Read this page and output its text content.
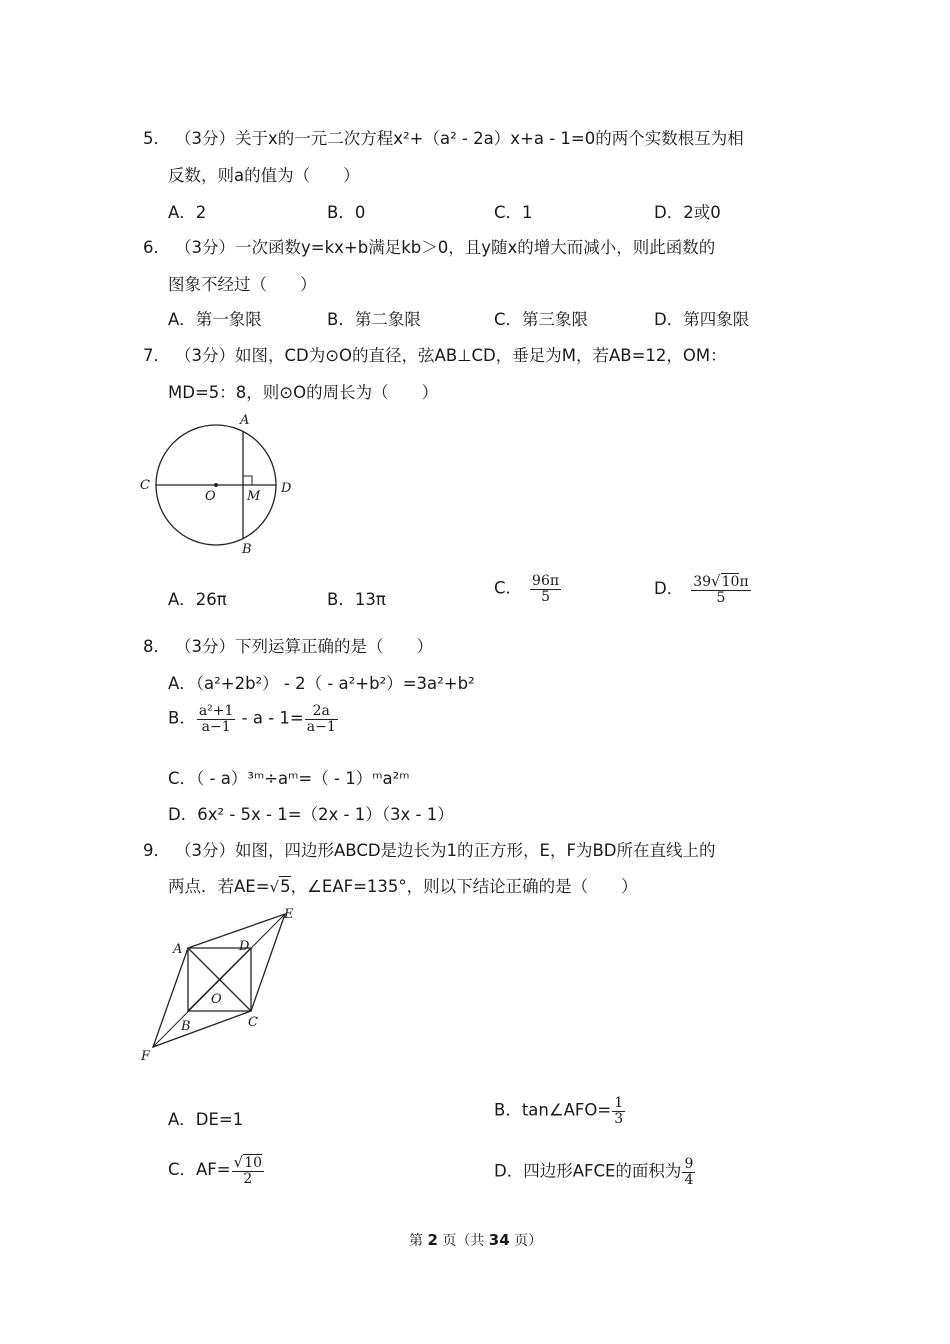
5． （3分）关于x的一元二次方程x²+（a² - 2a）x+a - 1=0的两个实数根互为相
反数，则a的值为（　　）
A．2	B．0	C．1	D．2或0
6． （3分）一次函数y=kx+b满足kb＞0，且y随x的增大而减小，则此函数的
图象不经过（　　）
A．第一象限	B．第二象限	C．第三象限	D．第四象限
7． （3分）如图，CD为⊙O的直径，弦AB⊥CD，垂足为M，若AB=12，OM：
MD=5：8，则⊙O的周长为（　　）
A
B
C	D
O M
A．26π	B．13π
C． $\frac{96\pi}{5}$	D． $\frac{39√10\pi}{5}$
8． （3分）下列运算正确的是（　　）
A．（a²+2b²） - 2（ - a²+b²）=3a²+b²
B． $\frac{\text{a²+1}}{a-1} - a - 1= \frac{2a}{a-1}$
C．（ - a）³ᵐ÷aᵐ=（ - 1）ᵐa²ᵐ
D．6x² - 5x - 1=（2x - 1）（3x - 1）
9． （3分）如图，四边形ABCD是边长为1的正方形，E，F为BD所在直线上的
两点．若AE=√5，∠EAF=135°，则以下结论正确的是（　　）
A
B	C
D
E
F
O
A．DE=1	B．tan∠AFO= $\frac{1}{3}$
C．$AF= \frac{√10}{2}$	D．四边形AFCE的面积为 $\frac{9}{4}$
第 2 页（共 34 页）
